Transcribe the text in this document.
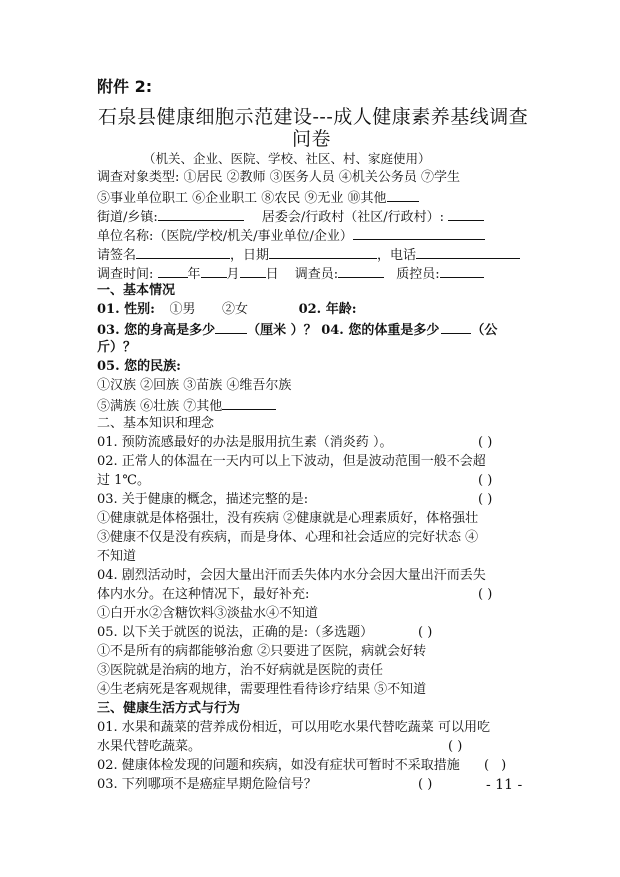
附件 2:
石泉县健康细胞示范建设---成人健康素养基线调查
问卷
（机关、企业、医院、学校、社区、村、家庭使用）
调查对象类型: ①居民 ②教师 ③医务人员 ④机关公务员 ⑦学生
⑤事业单位职工 ⑥企业职工 ⑧农民 ⑨无业 ⑩其他
街道/乡镇:	居委会/行政村（社区/行政村）:
单位名称:（医院/学校/机关/事业单位/企业）
请签名	，日期	，电话
调查时间:	年 月 日 调查员:	质控员:
一、基本情况
01. 性别: ①男 ②女	02. 年龄:
03. 您的身高是多少 （厘米 ）？ 04. 您的体重是多少 （公
斤）？
05. 您的民族:
①汉族 ②回族 ③苗族 ④维吾尔族
⑤满族 ⑥壮族 ⑦其他
二、基本知识和理念
01. 预防流感最好的办法是服用抗生素（消炎药 ）。	( )
02. 正常人的体温在一天内可以上下波动，但是波动范围一般不会超
过 1℃。	( )
03. 关于健康的概念，描述完整的是:	( )
①健康就是体格强壮，没有疾病 ②健康就是心理素质好，体格强壮
③健康不仅是没有疾病，而是身体、心理和社会适应的完好状态 ④
不知道
04. 剧烈活动时，会因大量出汗而丢失体内水分会因大量出汗而丢失
体内水分。在这种情况下，最好补充:	( )
①白开水②含糖饮料③淡盐水④不知道
05. 以下关于就医的说法，正确的是:（多选题）	( )
①不是所有的病都能够治愈 ②只要进了医院，病就会好转
③医院就是治病的地方，治不好病就是医院的责任
④生老病死是客观规律，需要理性看待诊疗结果 ⑤不知道
三、健康生活方式与行为
01. 水果和蔬菜的营养成份相近，可以用吃水果代替吃蔬菜 可以用吃
水果代替吃蔬菜。	( )
02. 健康体检发现的问题和疾病，如没有症状可暂时不采取措施 ( )
03. 下列哪项不是癌症早期危险信号？	( )	- 11 -
